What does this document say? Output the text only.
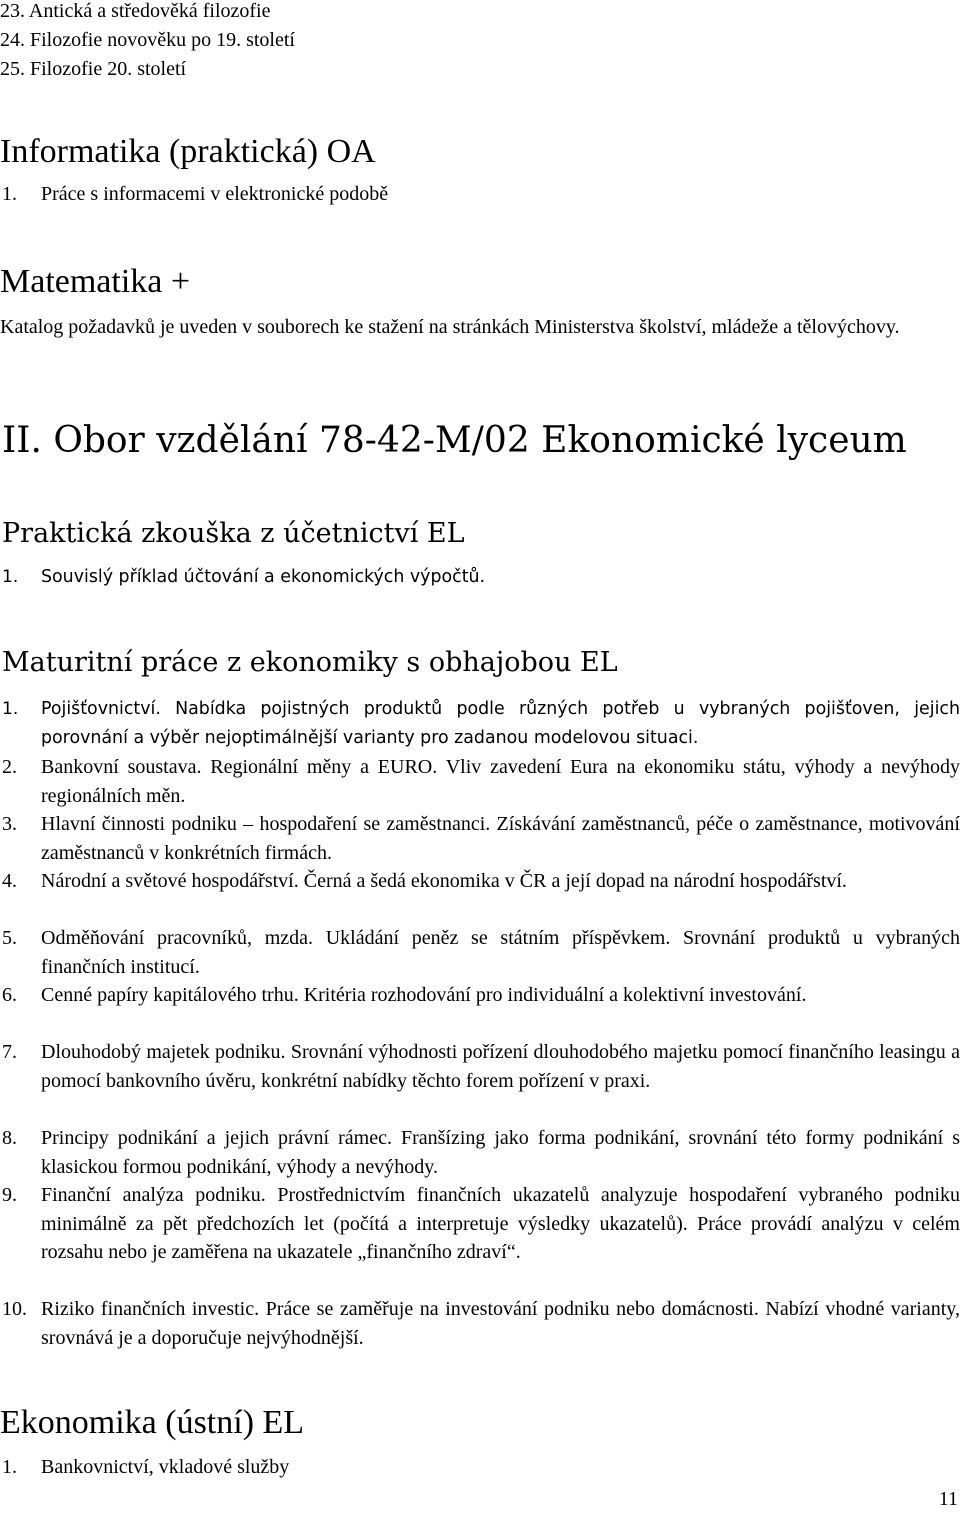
23. Antická a středověká filozofie
24. Filozofie novověku po 19. století
25. Filozofie 20. století
Informatika (praktická) OA
1.	Práce s informacemi v elektronické podobě
Matematika +
Katalog požadavků je uveden v souborech ke stažení na stránkách Ministerstva školství, mládeže a tělovýchovy.
II. Obor vzdělání 78-42-M/02 Ekonomické lyceum
Praktická zkouška z účetnictví EL
1.	Souvislý příklad účtování a ekonomických výpočtů.
Maturitní práce z ekonomiky s obhajobou EL
1.	Pojišťovnictví. Nabídka pojistných produktů podle různých potřeb u vybraných pojišťoven, jejich porovnání a výběr nejoptimálnější varianty pro zadanou modelovou situaci.
2.	Bankovní soustava. Regionální měny a EURO. Vliv zavedení Eura na ekonomiku státu, výhody a nevýhody regionálních měn.
3.	Hlavní činnosti podniku – hospodaření se zaměstnanci. Získávání zaměstnanců, péče o zaměstnance, motivování zaměstnanců v konkrétních firmách.
4.	Národní a světové hospodářství. Černá a šedá ekonomika v ČR a její dopad na národní hospodářství.
5.	Odměňování pracovníků, mzda. Ukládání peněz se státním příspěvkem. Srovnání produktů u vybraných finančních institucí.
6.	Cenné papíry kapitálového trhu. Kritéria rozhodování pro individuální a kolektivní investování.
7.	Dlouhodobý majetek podniku. Srovnání výhodnosti pořízení dlouhodobého majetku pomocí finančního leasingu a pomocí bankovního úvěru, konkrétní nabídky těchto forem pořízení v praxi.
8.	Principy podnikání a jejich právní rámec. Franšízing jako forma podnikání, srovnání této formy podnikání s klasickou formou podnikání, výhody a nevýhody.
9.	Finanční analýza podniku. Prostřednictvím finančních ukazatelů analyzuje hospodaření vybraného podniku minimálně za pět předchozích let (počítá a interpretuje výsledky ukazatelů). Práce provádí analýzu v celém rozsahu nebo je zaměřena na ukazatele „finančního zdraví“.
10. Riziko finančních investic. Práce se zaměřuje na investování podniku nebo domácnosti. Nabízí vhodné varianty, srovnává je a doporučuje nejvýhodnější.
Ekonomika (ústní) EL
1.	Bankovnictví, vkladové služby
11
